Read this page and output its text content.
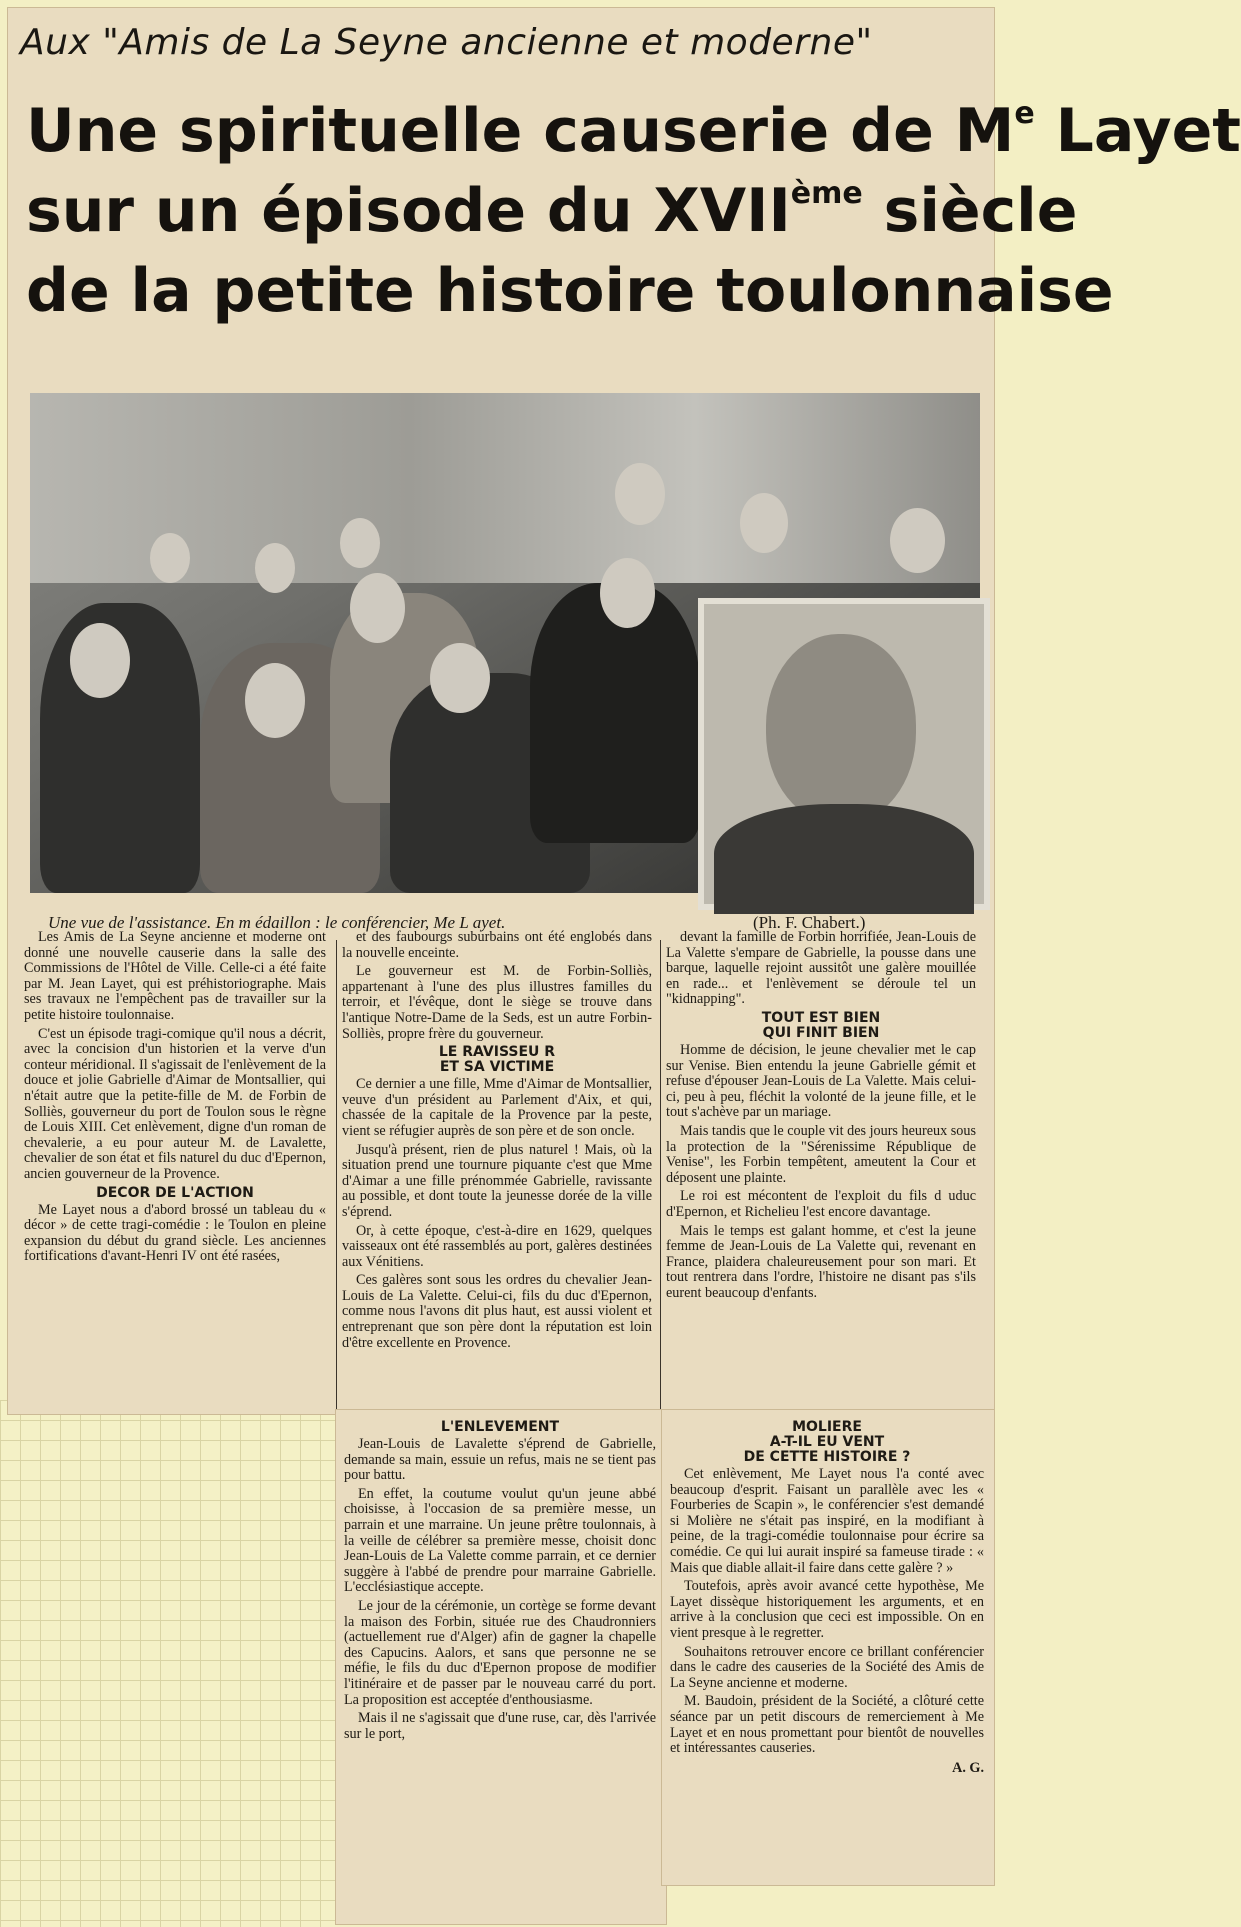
Aux "Amis de La Seyne ancienne et moderne"
Une spirituelle causerie de Me Layet
sur un épisode du XVIIème siècle
de la petite histoire toulonnaise
Une vue de l'assistance. En m édaillon : le conférencier, Me L ayet.	(Ph. F. Chabert.)

Les Amis de La Seyne ancienne et moderne ont donné une nouvelle causerie dans la salle des Commissions de l'Hôtel de Ville. Celle-ci a été faite par M. Jean Layet, qui est préhistoriographe. Mais ses travaux ne l'empêchent pas de travailler sur la petite histoire toulonnaise.

C'est un épisode tragi-comique qu'il nous a décrit, avec la concision d'un historien et la verve d'un conteur méridional. Il s'agissait de l'enlèvement de la douce et jolie Gabrielle d'Aimar de Montsallier, qui n'était autre que la petite-fille de M. de Forbin de Solliès, gouverneur du port de Toulon sous le règne de Louis XIII. Cet enlèvement, digne d'un roman de chevalerie, a eu pour auteur M. de Lavalette, chevalier de son état et fils naturel du duc d'Epernon, ancien gouverneur de la Provence.

DECOR DE L'ACTION

Me Layet nous a d'abord brossé un tableau du « décor » de cette tragi-comédie : le Toulon en pleine expansion du début du grand siècle. Les anciennes fortifications d'avant-Henri IV ont été rasées,

et des faubourgs suburbains ont été englobés dans la nouvelle enceinte.

Le gouverneur est M. de Forbin-Solliès, appartenant à l'une des plus illustres familles du terroir, et l'évêque, dont le siège se trouve dans l'antique Notre-Dame de la Seds, est un autre Forbin-Solliès, propre frère du gouverneur.

LE RAVISSEU R
ET SA VICTIME

Ce dernier a une fille, Mme d'Aimar de Montsallier, veuve d'un président au Parlement d'Aix, et qui, chassée de la capitale de la Provence par la peste, vient se réfugier auprès de son père et de son oncle.

Jusqu'à présent, rien de plus naturel ! Mais, où la situation prend une tournure piquante c'est que Mme d'Aimar a une fille prénommée Gabrielle, ravissante au possible, et dont toute la jeunesse dorée de la ville s'éprend.

Or, à cette époque, c'est-à-dire en 1629, quelques vaisseaux ont été rassemblés au port, galères destinées aux Vénitiens.

Ces galères sont sous les ordres du chevalier Jean-Louis de La Valette. Celui-ci, fils du duc d'Epernon, comme nous l'avons dit plus haut, est aussi violent et entreprenant que son père dont la réputation est loin d'être excellente en Provence.

devant la famille de Forbin horrifiée, Jean-Louis de La Valette s'empare de Gabrielle, la pousse dans une barque, laquelle rejoint aussitôt une galère mouillée en rade... et l'enlèvement se déroule tel un "kidnapping".

TOUT EST BIEN
QUI FINIT BIEN

Homme de décision, le jeune chevalier met le cap sur Venise. Bien entendu la jeune Gabrielle gémit et refuse d'épouser Jean-Louis de La Valette. Mais celui-ci, peu à peu, fléchit la volonté de la jeune fille, et le tout s'achève par un mariage.

Mais tandis que le couple vit des jours heureux sous la protection de la "Sérenissime République de Venise", les Forbin tempêtent, ameutent la Cour et déposent une plainte.

Le roi est mécontent de l'exploit du fils d uduc d'Epernon, et Richelieu l'est encore davantage.

Mais le temps est galant homme, et c'est la jeune femme de Jean-Louis de La Valette qui, revenant en France, plaidera chaleureusement pour son mari. Et tout rentrera dans l'ordre, l'histoire ne disant pas s'ils eurent beaucoup d'enfants.

L'ENLEVEMENT

Jean-Louis de Lavalette s'éprend de Gabrielle, demande sa main, essuie un refus, mais ne se tient pas pour battu.

En effet, la coutume voulut qu'un jeune abbé choisisse, à l'occasion de sa première messe, un parrain et une marraine. Un jeune prêtre toulonnais, à la veille de célébrer sa première messe, choisit donc Jean-Louis de La Valette comme parrain, et ce dernier suggère à l'abbé de prendre pour marraine Gabrielle. L'ecclésiastique accepte.

Le jour de la cérémonie, un cortège se forme devant la maison des Forbin, située rue des Chaudronniers (actuellement rue d'Alger) afin de gagner la chapelle des Capucins. Aalors, et sans que personne ne se méfie, le fils du duc d'Epernon propose de modifier l'itinéraire et de passer par le nouveau carré du port. La proposition est acceptée d'enthousiasme.

Mais il ne s'agissait que d'une ruse, car, dès l'arrivée sur le port,

MOLIERE
A-T-IL EU VENT
DE CETTE HISTOIRE ?

Cet enlèvement, Me Layet nous l'a conté avec beaucoup d'esprit. Faisant un parallèle avec les « Fourberies de Scapin », le conférencier s'est demandé si Molière ne s'était pas inspiré, en la modifiant à peine, de la tragi-comédie toulonnaise pour écrire sa comédie. Ce qui lui aurait inspiré sa fameuse tirade : « Mais que diable allait-il faire dans cette galère ? »

Toutefois, après avoir avancé cette hypothèse, Me Layet dissèque historiquement les arguments, et en arrive à la conclusion que ceci est impossible. On en vient presque à le regretter.

Souhaitons retrouver encore ce brillant conférencier dans le cadre des causeries de la Société des Amis de La Seyne ancienne et moderne.

M. Baudoin, président de la Société, a clôturé cette séance par un petit discours de remerciement à Me Layet et en nous promettant pour bientôt de nouvelles et intéressantes causeries.

A. G.
